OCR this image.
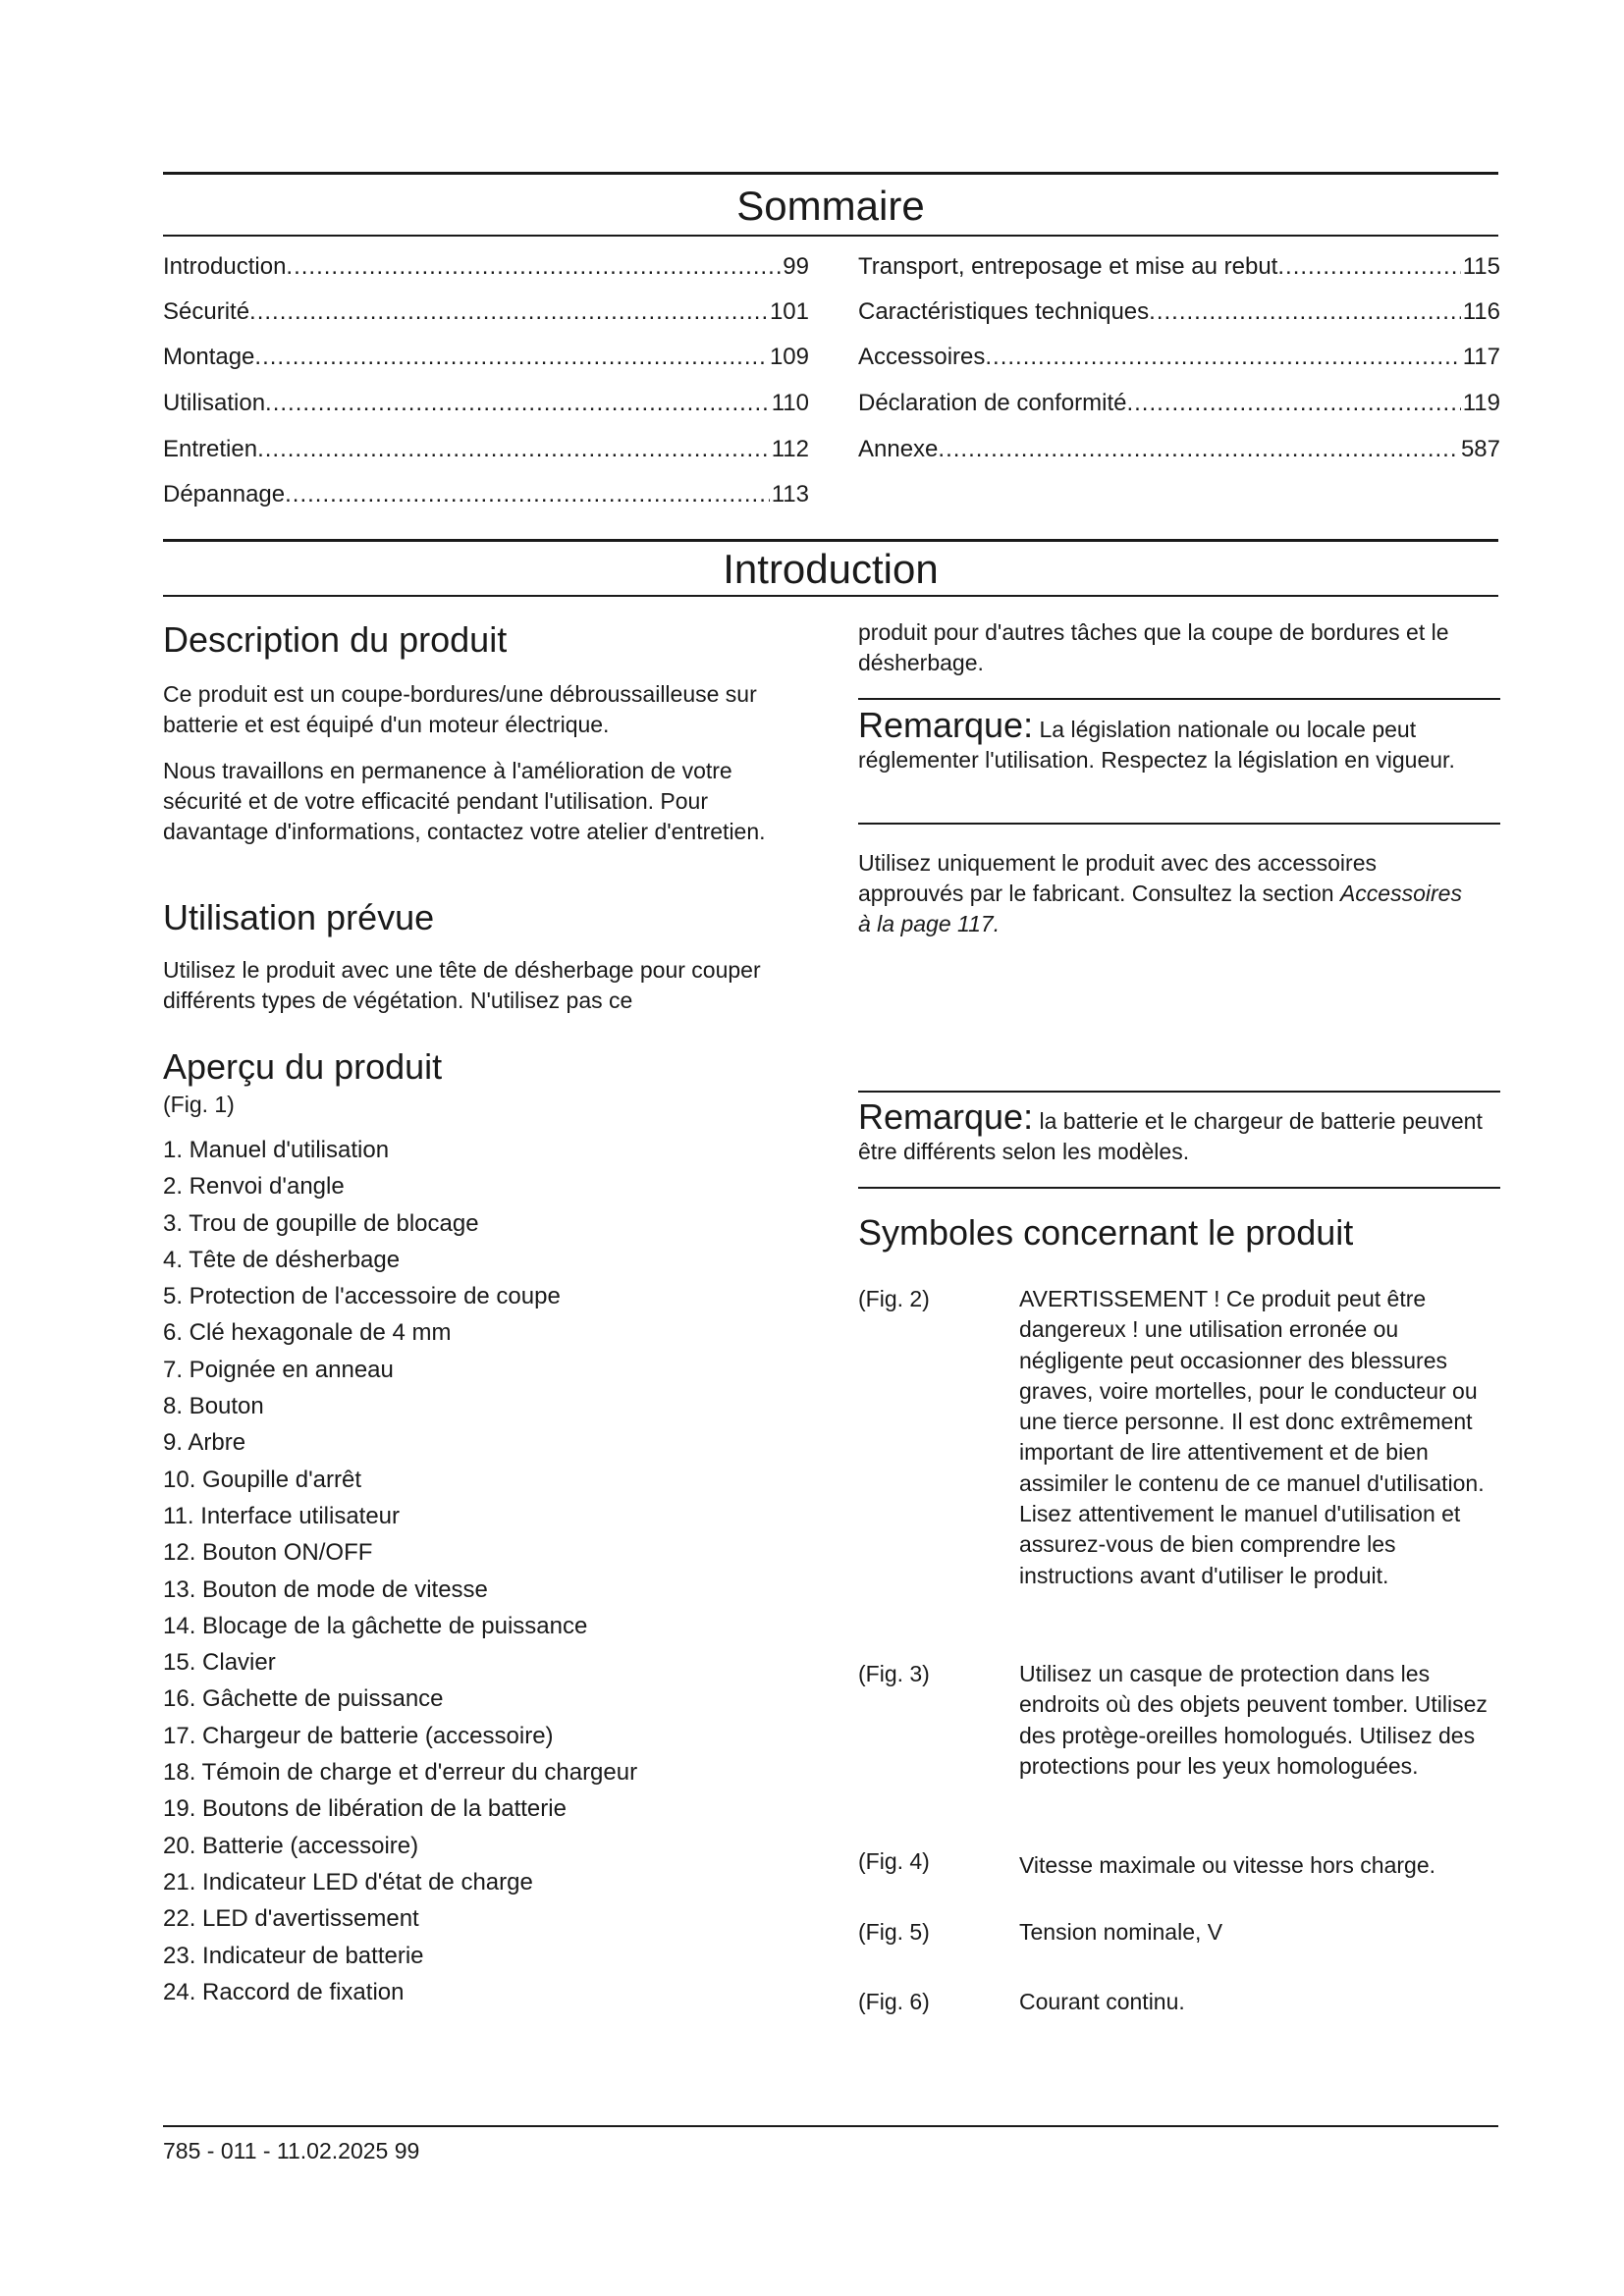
Sommaire
Introduction .....	99
Sécurité .....	101
Montage .....	109
Utilisation .....	110
Entretien .....	112
Dépannage .....	113
Transport, entreposage et mise au rebut .....	115
Caractéristiques techniques .....	116
Accessoires .....	117
Déclaration de conformité .....	119
Annexe .....	587
Introduction
Description du produit

Ce produit est un coupe-bordures/une débroussailleuse sur batterie et est équipé d'un moteur électrique.

Nous travaillons en permanence à l'amélioration de votre sécurité et de votre efficacité pendant l'utilisation. Pour davantage d'informations, contactez votre atelier d'entretien.

Utilisation prévue

Utilisez le produit avec une tête de désherbage pour couper différents types de végétation. N'utilisez pas ce

Aperçu du produit
(Fig. 1)
1. Manuel d'utilisation
2. Renvoi d'angle
3. Trou de goupille de blocage
4. Tête de désherbage
5. Protection de l'accessoire de coupe
6. Clé hexagonale de 4 mm
7. Poignée en anneau
8. Bouton
9. Arbre
10. Goupille d'arrêt
11. Interface utilisateur
12. Bouton ON/OFF
13. Bouton de mode de vitesse
14. Blocage de la gâchette de puissance
15. Clavier
16. Gâchette de puissance
17. Chargeur de batterie (accessoire)
18. Témoin de charge et d'erreur du chargeur
19. Boutons de libération de la batterie
20. Batterie (accessoire)
21. Indicateur LED d'état de charge
22. LED d'avertissement
23. Indicateur de batterie
24. Raccord de fixation

produit pour d'autres tâches que la coupe de bordures et le désherbage.

Remarque: La législation nationale ou locale peut réglementer l'utilisation. Respectez la législation en vigueur.

Utilisez uniquement le produit avec des accessoires approuvés par le fabricant. Consultez la section Accessoires à la page 117.

Remarque: la batterie et le chargeur de batterie peuvent être différents selon les modèles.

Symboles concernant le produit
(Fig. 2)	AVERTISSEMENT ! Ce produit peut être dangereux ! une utilisation erronée ou négligente peut occasionner des blessures graves, voire mortelles, pour le conducteur ou une tierce personne. Il est donc extrêmement important de lire attentivement et de bien assimiler le contenu de ce manuel d'utilisation. Lisez attentivement le manuel d'utilisation et assurez-vous de bien comprendre les instructions avant d'utiliser le produit.
(Fig. 3)	Utilisez un casque de protection dans les endroits où des objets peuvent tomber. Utilisez des protège-oreilles homologués. Utilisez des protections pour les yeux homologuées.
(Fig. 4)	Vitesse maximale ou vitesse hors charge.
(Fig. 5)	Tension nominale, V
(Fig. 6)	Courant continu.
785 - 011 - 11.02.2025 99
